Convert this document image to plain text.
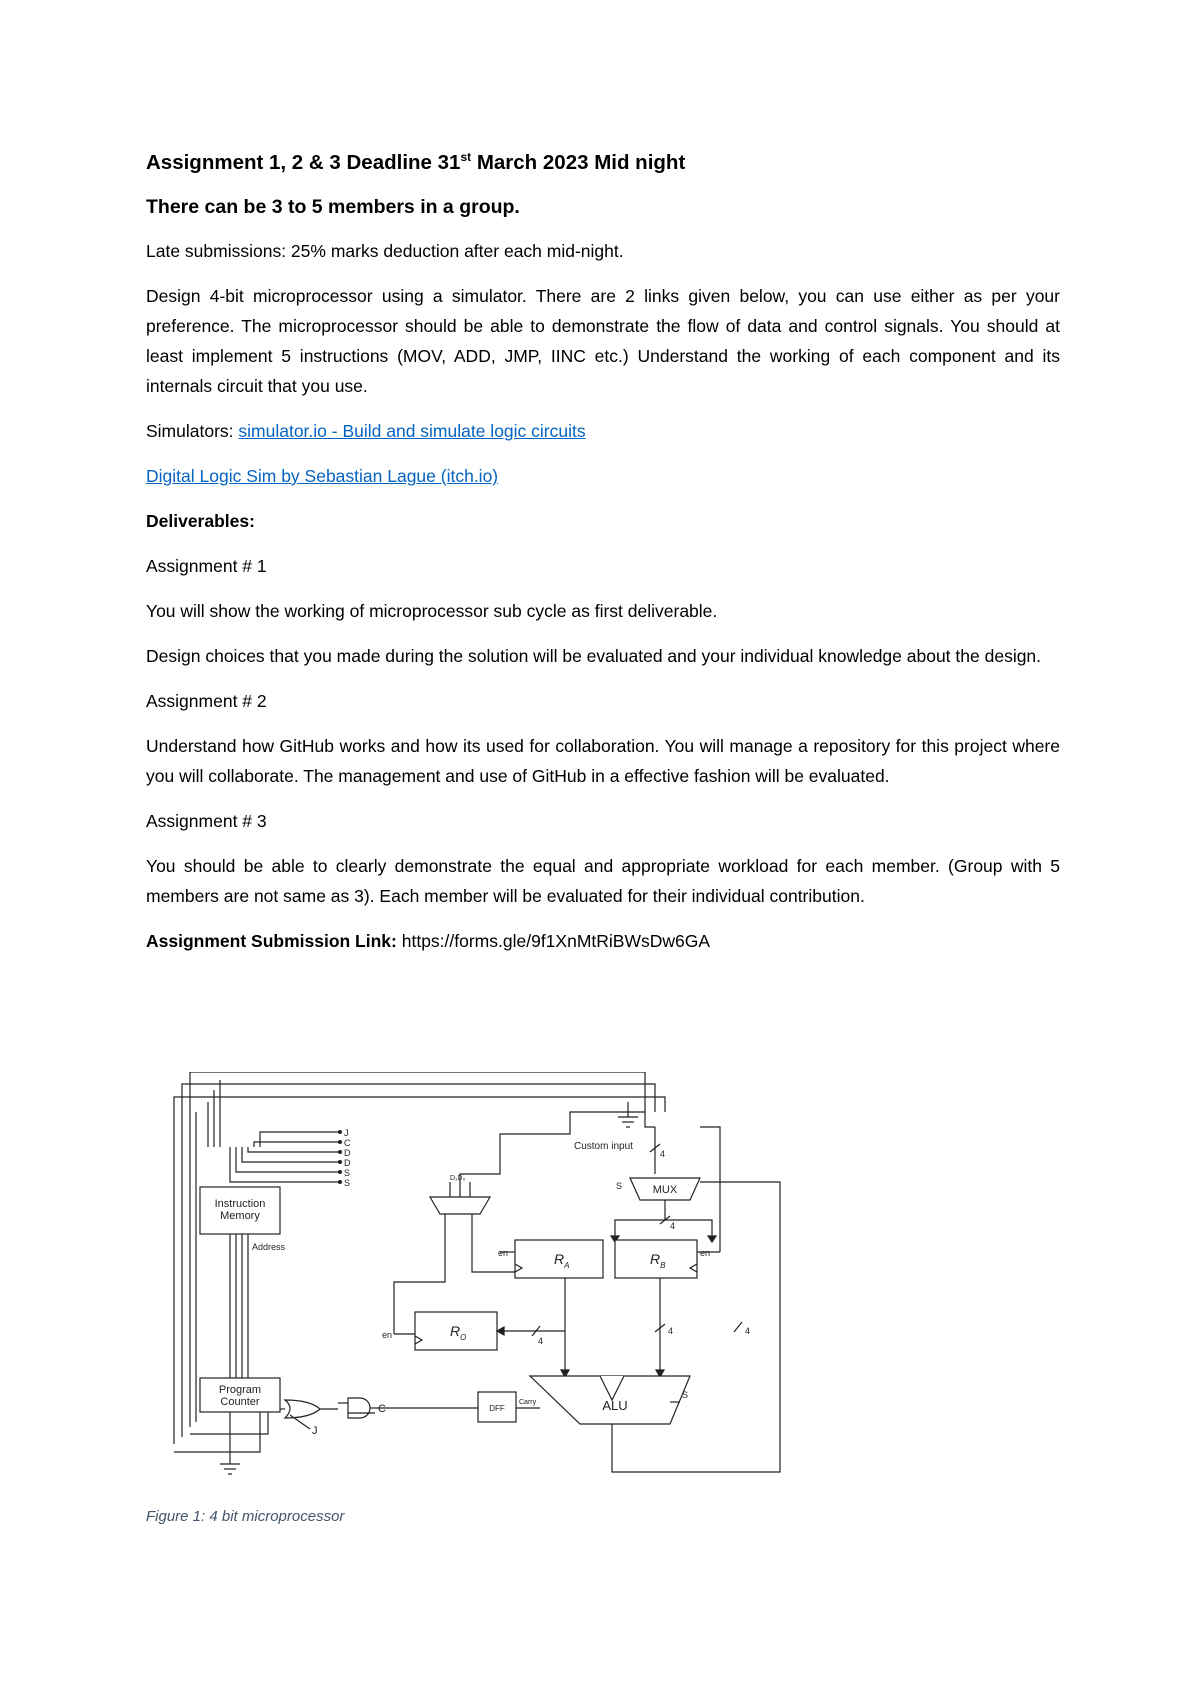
Assignment 1, 2 & 3 Deadline 31st March 2023 Mid night

There can be 3 to 5 members in a group.

Late submissions: 25% marks deduction after each mid-night.

Design 4-bit microprocessor using a simulator. There are 2 links given below, you can use either as per your preference. The microprocessor should be able to demonstrate the flow of data and control signals. You should at least implement 5 instructions (MOV, ADD, JMP, IINC etc.) Understand the working of each component and its internals circuit that you use.

Simulators: simulator.io - Build and simulate logic circuits

Digital Logic Sim by Sebastian Lague (itch.io)

Deliverables:

Assignment # 1

You will show the working of microprocessor sub cycle as first deliverable.

Design choices that you made during the solution will be evaluated and your individual knowledge about the design.

Assignment # 2

Understand how GitHub works and how its used for collaboration. You will manage a repository for this project where you will collaborate. The management and use of GitHub in a effective fashion will be evaluated.

Assignment # 3

You should be able to clearly demonstrate the equal and appropriate workload for each member. (Group with 5 members are not same as 3). Each member will be evaluated for their individual contribution.

Assignment Submission Link: https://forms.gle/9f1XnMtRiBWsDw6GA

Instruction
Memory
Address
Program
Counter
J
C
D
D
S
S
MUX
Custom input
S
4
4
4
4
4
$R_A$	$R_B$
$R_O$
en	en
en
ALU
DFF
Carry
S
C
J
D₁D₀
Figure 1: 4 bit microprocessor
